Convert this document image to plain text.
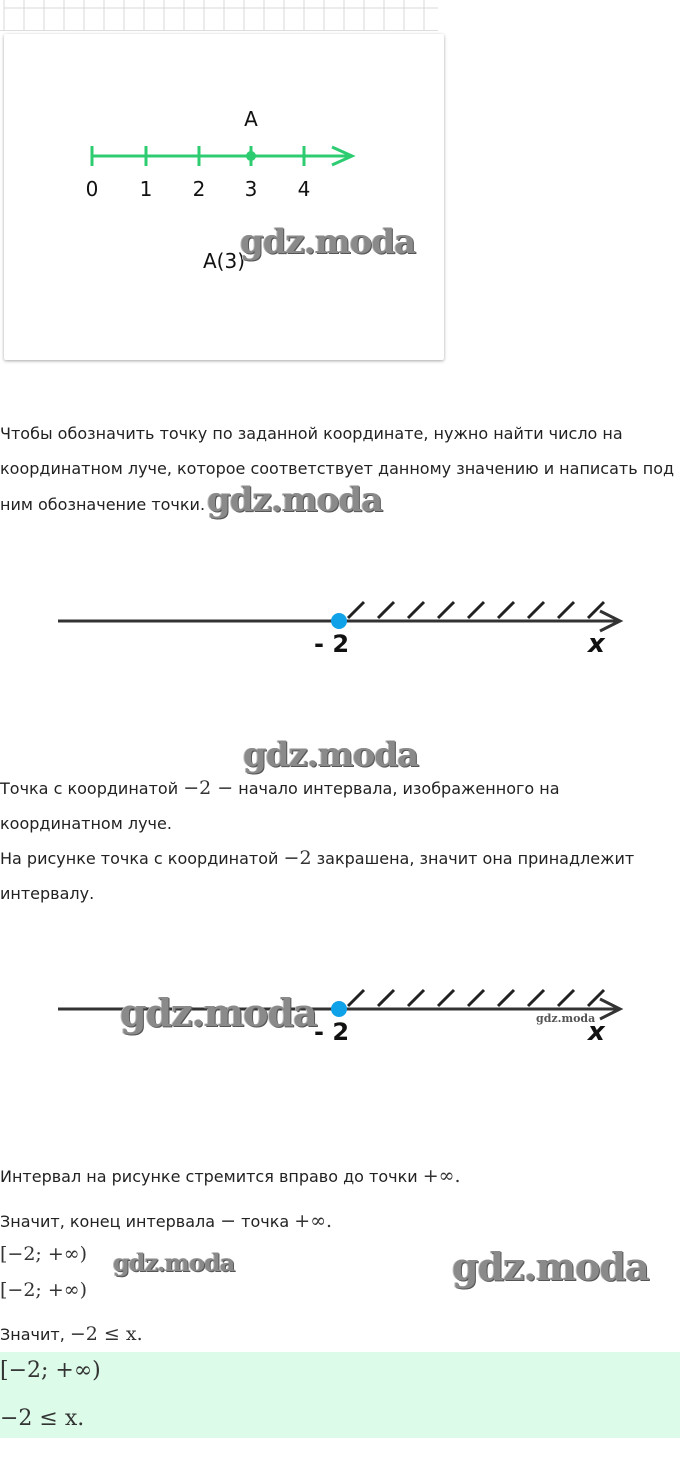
A
0 1 2 3 4
A(3)
gdz.moda
Чтобы обозначить точку по заданной координате, нужно найти число на
координатном луче, которое соответствует данному значению и написать под
ним обозначение точки. gdz.moda
- 2	x
gdz.moda
Точка с координатой −2 − начало интервала, изображенного на
координатном луче.
На рисунке точка с координатой −2 закрашена, значит она принадлежит
интервалу.
- 2	x
gdz.moda	gdz.moda
Интервал на рисунке стремится вправо до точки +∞.
Значит, конец интервала − точка +∞.
[−2; +∞)
[−2; +∞)
gdz.moda	gdz.moda
Значит, −2 ≤ x.
[−2; +∞)
−2 ≤ x.
